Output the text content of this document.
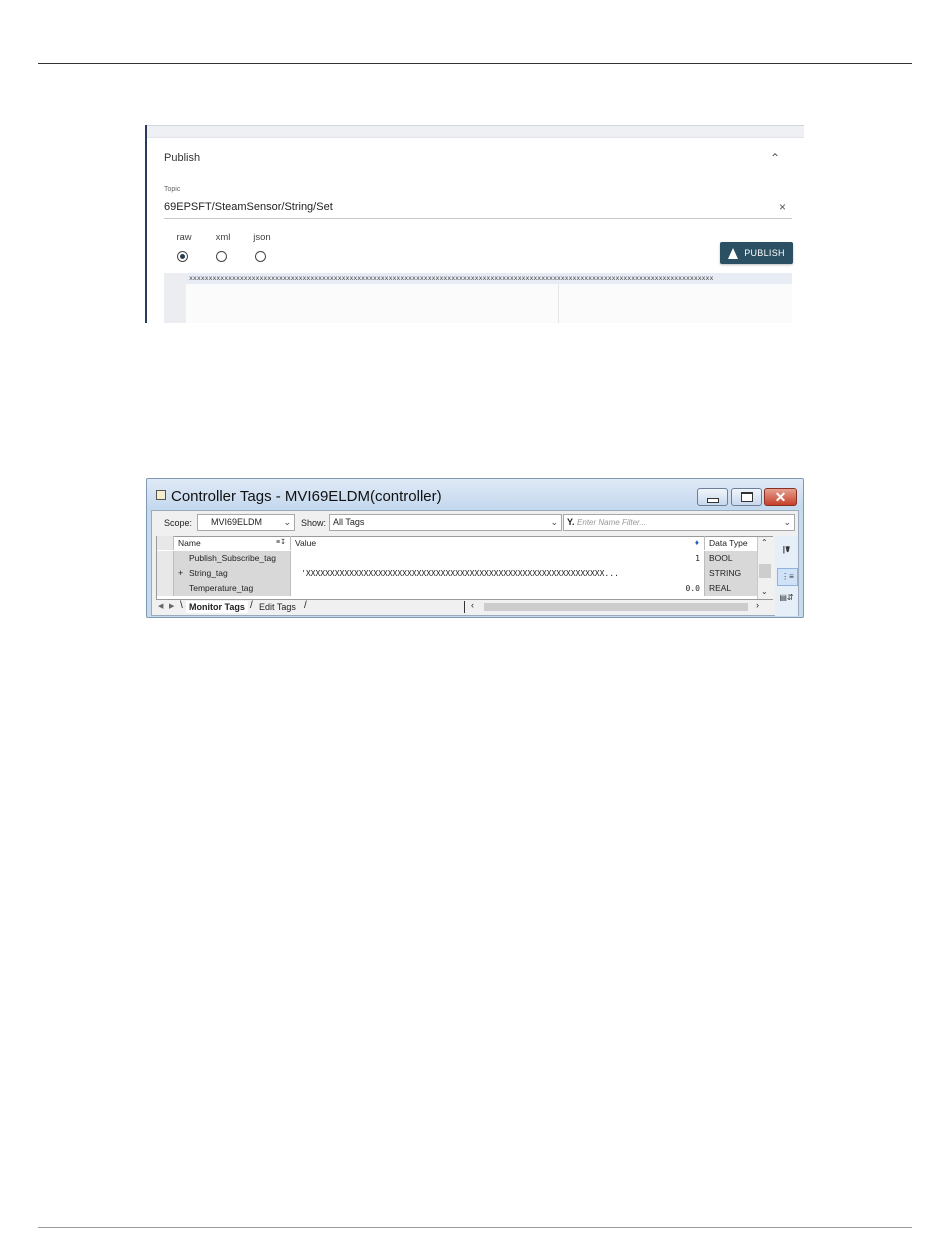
Publish	⌃
Topic
69EPSFT/SteamSensor/String/Set	×
raw	xml	json
PUBLISH
xxxxxxxxxxxxxxxxxxxxxxxxxxxxxxxxxxxxxxxxxxxxxxxxxxxxxxxxxxxxxxxxxxxxxxxxxxxxxxxxxxxxxxxxxxxxxxxxxxxxxxxxxxxxxxxxxxxxxxxxxxxxxxxxxxxxxx
Controller Tags - MVI69ELDM(controller)	✕
Scope:	MVI69ELDM ⌄ Show: All Tags	⌄	Y. Enter Name Filter...	⌄
Name	≡↧	Value	♦	Data Type
Publish_Subscribe_tag	1	BOOL
+ String_tag	'XXXXXXXXXXXXXXXXXXXXXXXXXXXXXXXXXXXXXXXXXXXXXXXXXXXXXXXXXXXXXX...	STRING
Temperature_tag	0.0	REAL
⌃
⌄
◀ ▶ \ Monitor Tags / Edit Tags /	‹	›
|☤
⋮≡
▤⇵
